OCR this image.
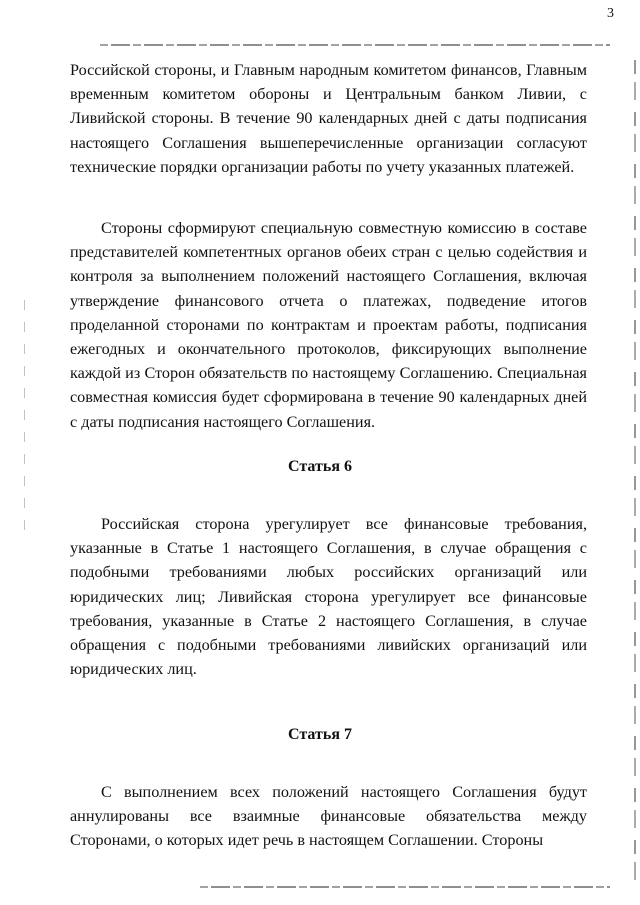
3

Российской стороны, и Главным народным комитетом финансов, Главным временным комитетом обороны и Центральным банком Ливии, с Ливийской стороны. В течение 90 календарных дней с даты подписания настоящего Соглашения вышеперечисленные организации согласуют технические порядки организации работы по учету указанных платежей.

Стороны сформируют специальную совместную комиссию в составе представителей компетентных органов обеих стран с целью содействия и контроля за выполнением положений настоящего Соглашения, включая утверждение финансового отчета о платежах, подведение итогов проделанной сторонами по контрактам и проектам работы, подписания ежегодных и окончательного протоколов, фиксирующих выполнение каждой из Сторон обязательств по настоящему Соглашению. Специальная совместная комиссия будет сформирована в течение 90 календарных дней с даты подписания настоящего Соглашения.

Статья 6

Российская сторона урегулирует все финансовые требования, указанные в Статье 1 настоящего Соглашения, в случае обращения с подобными требованиями любых российских организаций или юридических лиц; Ливийская сторона урегулирует все финансовые требования, указанные в Статье 2 настоящего Соглашения, в случае обращения с подобными требованиями ливийских организаций или юридических лиц.

Статья 7

С выполнением всех положений настоящего Соглашения будут аннулированы все взаимные финансовые обязательства между Сторонами, о которых идет речь в настоящем Соглашении. Стороны
